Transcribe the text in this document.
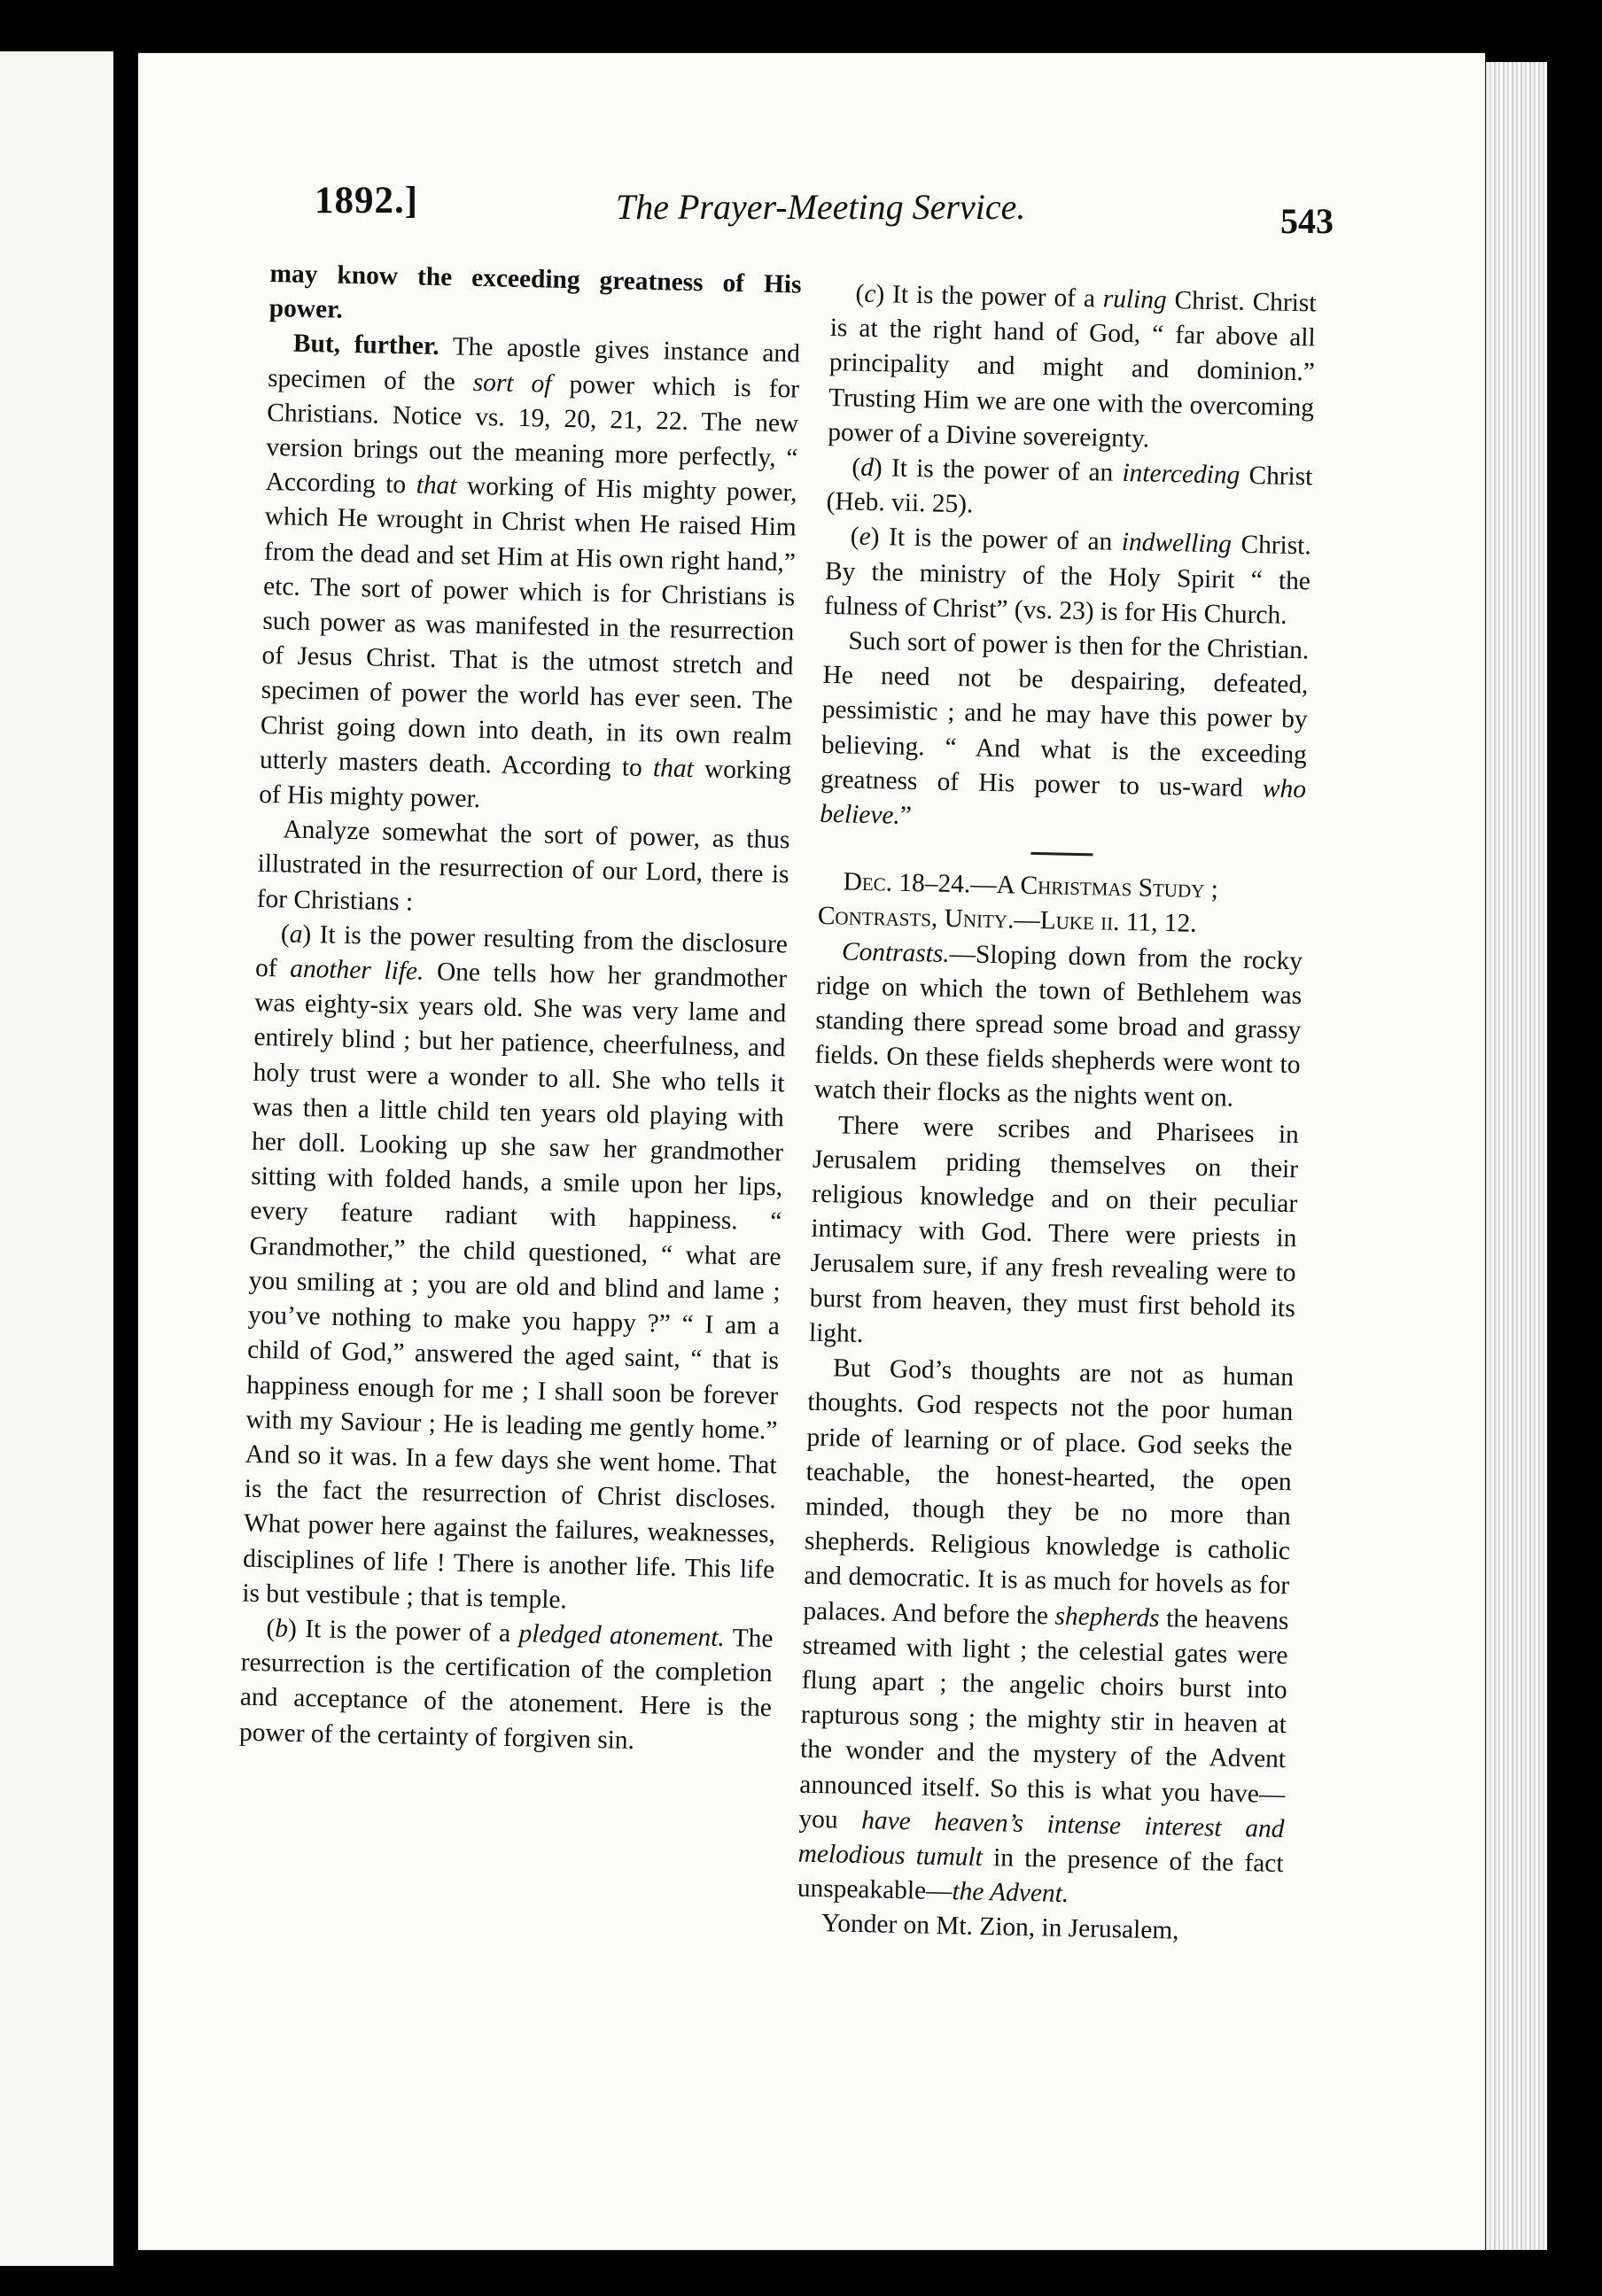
1892.]	The Prayer-Meeting Service.	543

may know the exceeding greatness of His power.

But, further. The apostle gives instance and specimen of the sort of power which is for Christians. Notice vs. 19, 20, 21, 22. The new version brings out the meaning more perfectly, “ According to that working of His mighty power, which He wrought in Christ when He raised Him from the dead and set Him at His own right hand,” etc. The sort of power which is for Christians is such power as was manifested in the resurrection of Jesus Christ. That is the utmost stretch and specimen of power the world has ever seen. The Christ going down into death, in its own realm utterly masters death. According to that working of His mighty power.

Analyze somewhat the sort of power, as thus illustrated in the resurrection of our Lord, there is for Christians :

(a) It is the power resulting from the disclosure of another life. One tells how her grandmother was eighty-six years old. She was very lame and entirely blind ; but her patience, cheerfulness, and holy trust were a wonder to all. She who tells it was then a little child ten years old playing with her doll. Looking up she saw her grandmother sitting with folded hands, a smile upon her lips, every feature radiant with happiness. “ Grandmother,” the child questioned, “ what are you smiling at ; you are old and blind and lame ; you’ve nothing to make you happy ?” “ I am a child of God,” answered the aged saint, “ that is happiness enough for me ; I shall soon be forever with my Saviour ; He is leading me gently home.” And so it was. In a few days she went home. That is the fact the resurrection of Christ discloses. What power here against the failures, weaknesses, disciplines of life ! There is another life. This life is but vestibule ; that is temple.

(b) It is the power of a pledged atonement. The resurrection is the certification of the completion and acceptance of the atonement. Here is the power of the certainty of forgiven sin.

(c) It is the power of a ruling Christ. Christ is at the right hand of God, “ far above all principality and might and dominion.” Trusting Him we are one with the overcoming power of a Divine sovereignty.

(d) It is the power of an interceding Christ (Heb. vii. 25).

(e) It is the power of an indwelling Christ. By the ministry of the Holy Spirit “ the fulness of Christ” (vs. 23) is for His Church.

Such sort of power is then for the Christian. He need not be despairing, defeated, pessimistic ; and he may have this power by believing. “ And what is the exceeding greatness of His power to us-ward who believe.”

Dec. 18–24.—A Christmas Study ; Contrasts, Unity.—Luke ii. 11, 12.

Contrasts.—Sloping down from the rocky ridge on which the town of Bethlehem was standing there spread some broad and grassy fields. On these fields shepherds were wont to watch their flocks as the nights went on.

There were scribes and Pharisees in Jerusalem priding themselves on their religious knowledge and on their peculiar intimacy with God. There were priests in Jerusalem sure, if any fresh revealing were to burst from heaven, they must first behold its light.

But God’s thoughts are not as human thoughts. God respects not the poor human pride of learning or of place. God seeks the teachable, the honest-hearted, the open minded, though they be no more than shepherds. Religious knowledge is catholic and democratic. It is as much for hovels as for palaces. And before the shepherds the heavens streamed with light ; the celestial gates were flung apart ; the angelic choirs burst into rapturous song ; the mighty stir in heaven at the wonder and the mystery of the Advent announced itself. So this is what you have—you have heaven’s intense interest and melodious tumult in the presence of the fact unspeakable—the Advent.

Yonder on Mt. Zion, in Jerusalem,
